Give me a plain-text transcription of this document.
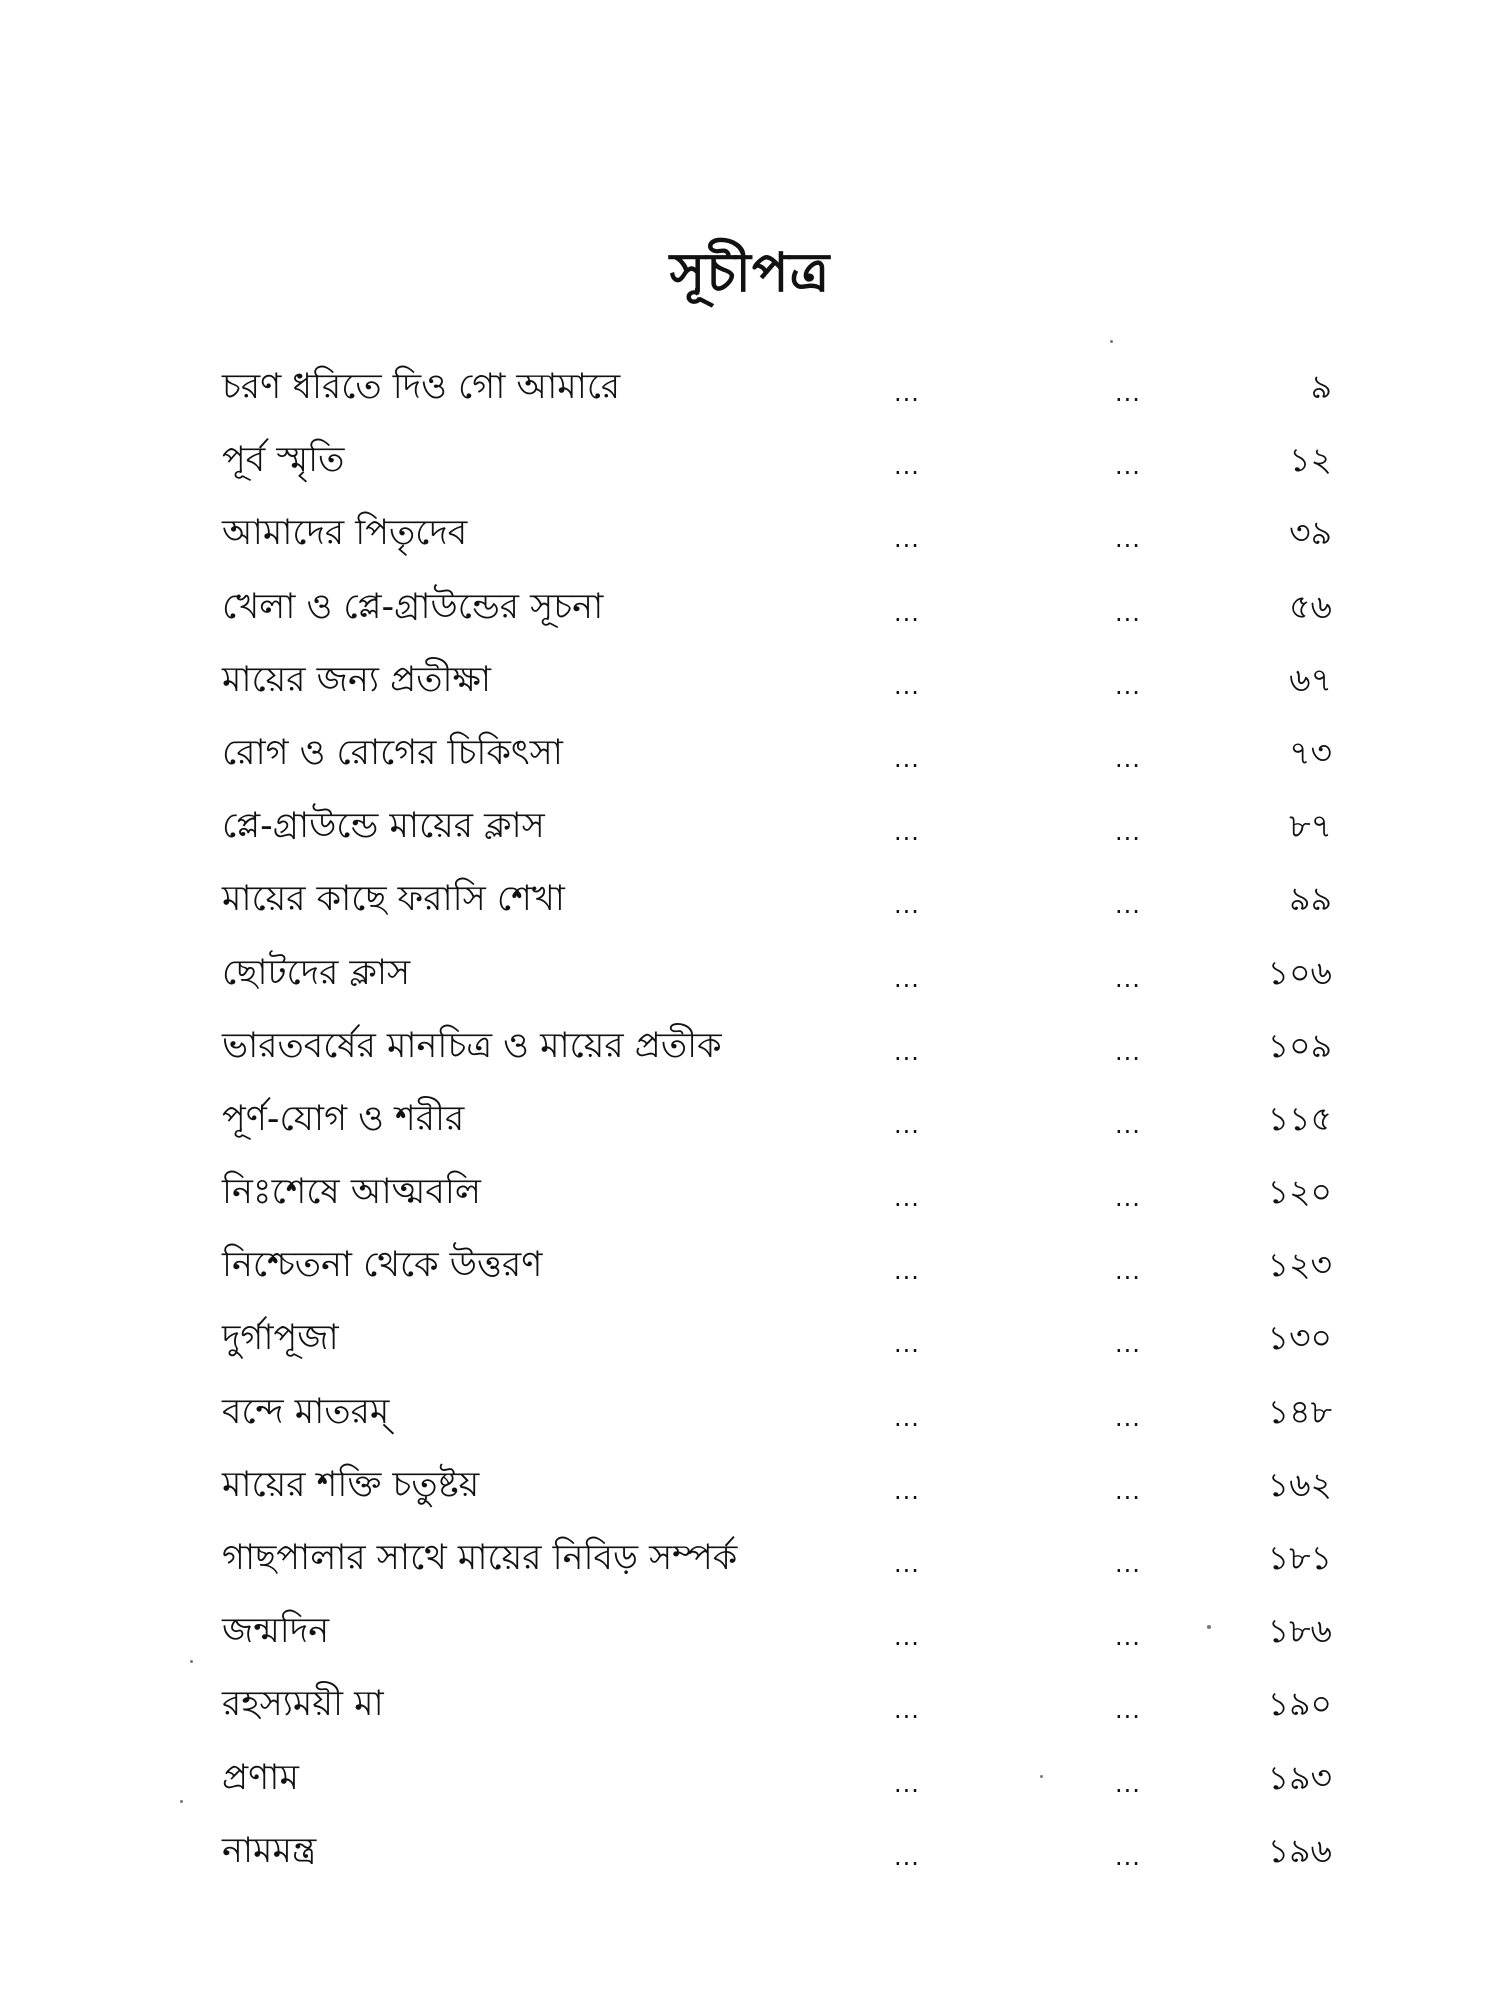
সূচীপত্র
চরণ ধরিতে দিও গো আমারে	...	...	৯
পূর্ব স্মৃতি	...	...	১২
আমাদের পিতৃদেব	...	...	৩৯
খেলা ও প্লে-গ্রাউন্ডের সূচনা	...	...	৫৬
মায়ের জন্য প্রতীক্ষা	...	...	৬৭
রোগ ও রোগের চিকিৎসা	...	...	৭৩
প্লে-গ্রাউন্ডে মায়ের ক্লাস	...	...	৮৭
মায়ের কাছে ফরাসি শেখা	...	...	৯৯
ছোটদের ক্লাস	...	...	১০৬
ভারতবর্ষের মানচিত্র ও মায়ের প্রতীক	...	...	১০৯
পূর্ণ-যোগ ও শরীর	...	...	১১৫
নিঃশেষে আত্মবলি	...	...	১২০
নিশ্চেতনা থেকে উত্তরণ	...	...	১২৩
দুর্গাপূজা	...	...	১৩০
বন্দে মাতরম্	...	...	১৪৮
মায়ের শক্তি চতুষ্টয়	...	...	১৬২
গাছপালার সাথে মায়ের নিবিড় সম্পর্ক	...	...	১৮১
জন্মদিন	...	...	১৮৬
রহস্যময়ী মা	...	...	১৯০
প্রণাম	...	...	১৯৩
নামমন্ত্র	...	...	১৯৬
